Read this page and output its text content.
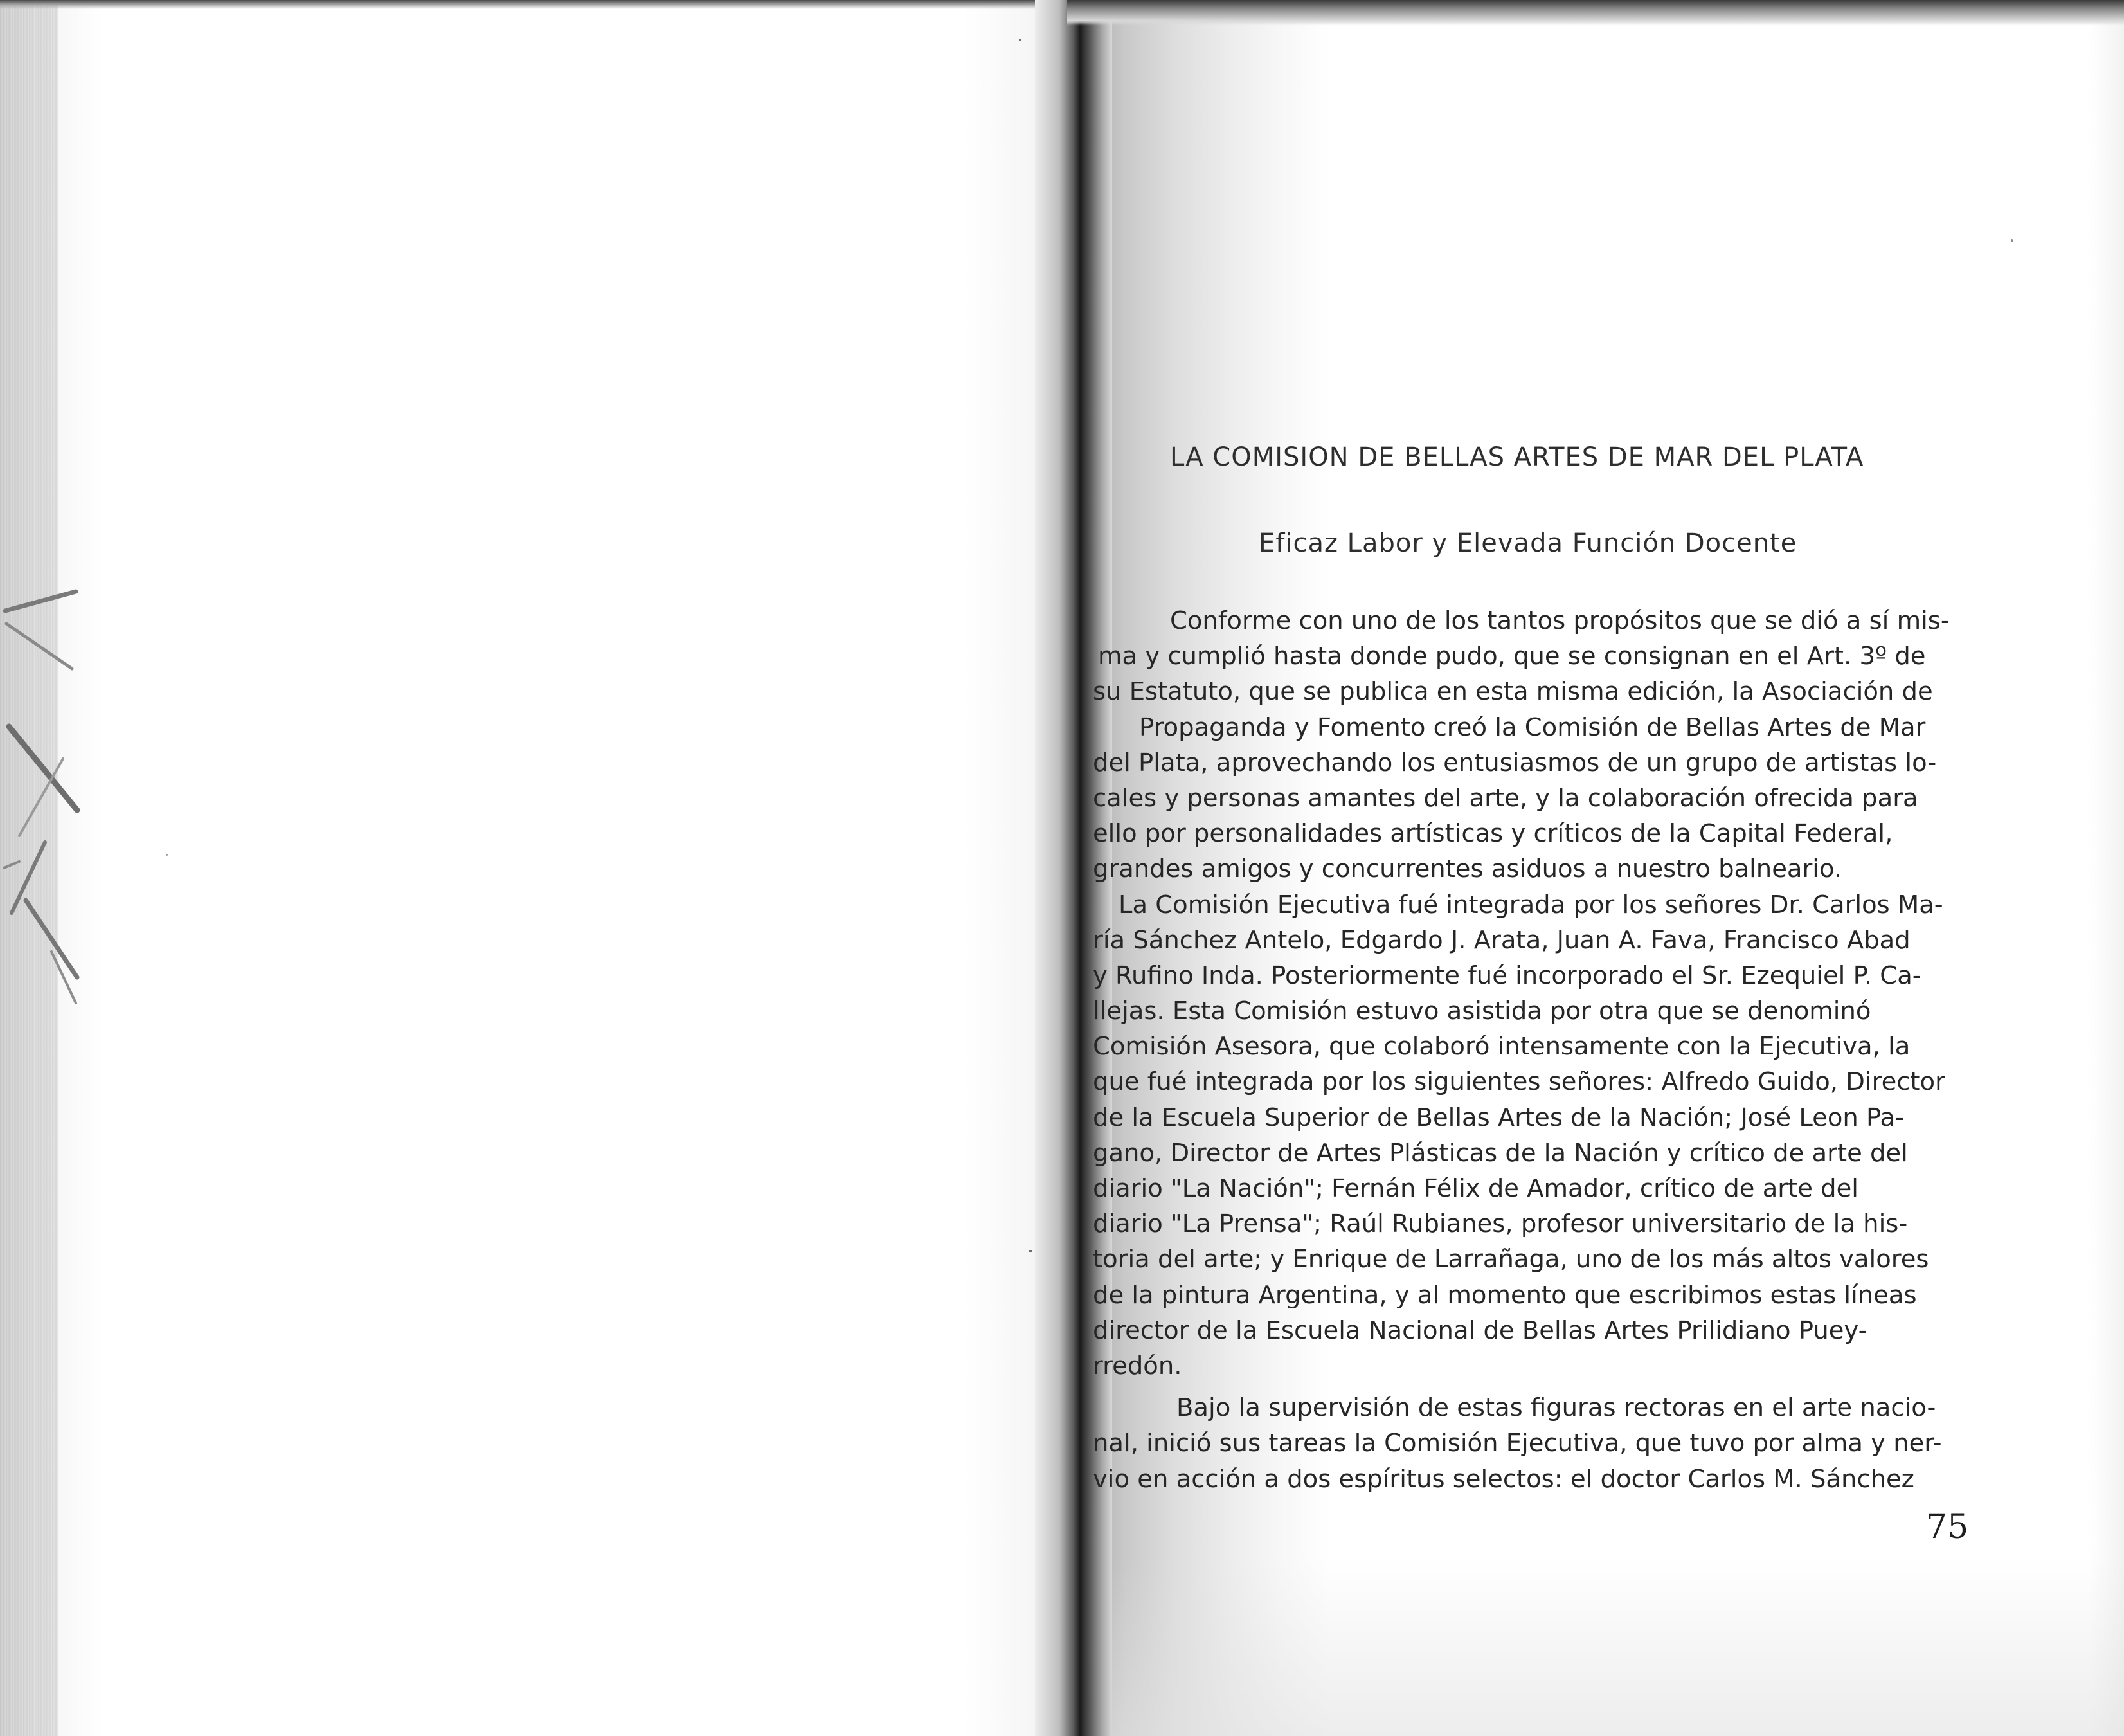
LA COMISION DE BELLAS ARTES DE MAR DEL PLATA
Eficaz Labor y Elevada Función Docente
Conforme con uno de los tantos propósitos que se dió a sí mis-
ma y cumplió hasta donde pudo, que se consignan en el Art. 3º de
su Estatuto, que se publica en esta misma edición, la Asociación de
Propaganda y Fomento creó la Comisión de Bellas Artes de Mar
del Plata, aprovechando los entusiasmos de un grupo de artistas lo-
cales y personas amantes del arte, y la colaboración ofrecida para
ello por personalidades artísticas y críticos de la Capital Federal,
grandes amigos y concurrentes asiduos a nuestro balneario.
La Comisión Ejecutiva fué integrada por los señores Dr. Carlos Ma-
ría Sánchez Antelo, Edgardo J. Arata, Juan A. Fava, Francisco Abad
y Rufino Inda. Posteriormente fué incorporado el Sr. Ezequiel P. Ca-
llejas. Esta Comisión estuvo asistida por otra que se denominó
Comisión Asesora, que colaboró intensamente con la Ejecutiva, la
que fué integrada por los siguientes señores: Alfredo Guido, Director
de la Escuela Superior de Bellas Artes de la Nación; José Leon Pa-
gano, Director de Artes Plásticas de la Nación y crítico de arte del
diario "La Nación"; Fernán Félix de Amador, crítico de arte del
diario "La Prensa"; Raúl Rubianes, profesor universitario de la his-
toria del arte; y Enrique de Larrañaga, uno de los más altos valores
de la pintura Argentina, y al momento que escribimos estas líneas
director de la Escuela Nacional de Bellas Artes Prilidiano Puey-
rredón.
Bajo la supervisión de estas figuras rectoras en el arte nacio-
nal, inició sus tareas la Comisión Ejecutiva, que tuvo por alma y ner-
vio en acción a dos espíritus selectos: el doctor Carlos M. Sánchez
75
